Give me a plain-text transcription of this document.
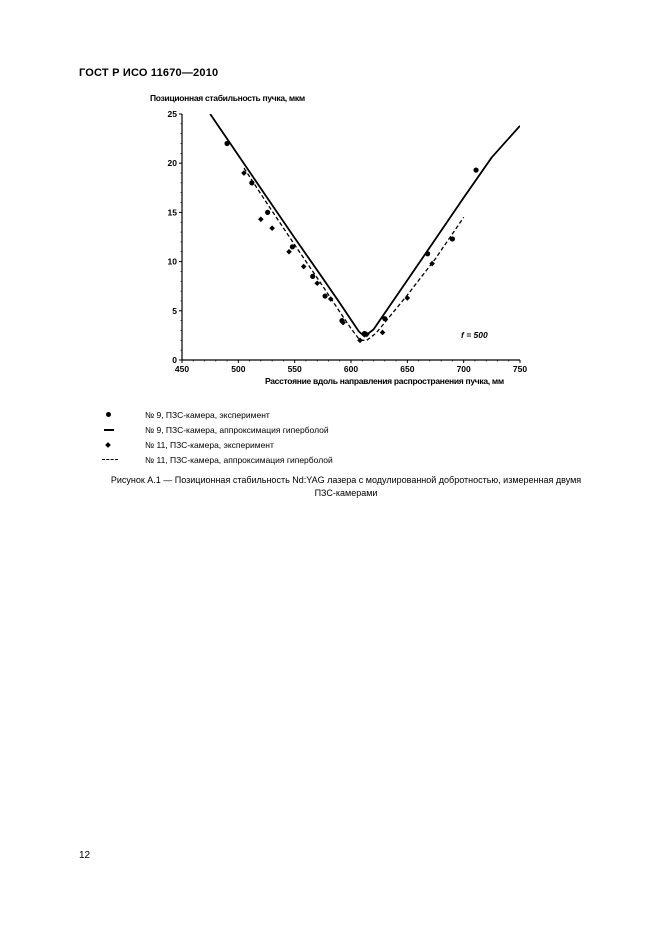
ГОСТ Р ИСО 11670—2010
450	500	550	600	650	700	750
0
5
10
15
20
25
Позиционная стабильность пучка, мкм
Расстояние вдоль направления распространения пучка, мм
f = 500
№ 9, ПЗС-камера, эксперимент
№ 9, ПЗС-камера, аппроксимация гиперболой
№ 11, ПЗС-камера, эксперимент
№ 11, ПЗС-камера, аппроксимация гиперболой
Рисунок А.1 — Позиционная стабильность Nd:YAG лазера с модулированной добротностью, измеренная двумя
ПЗС-камерами
12
